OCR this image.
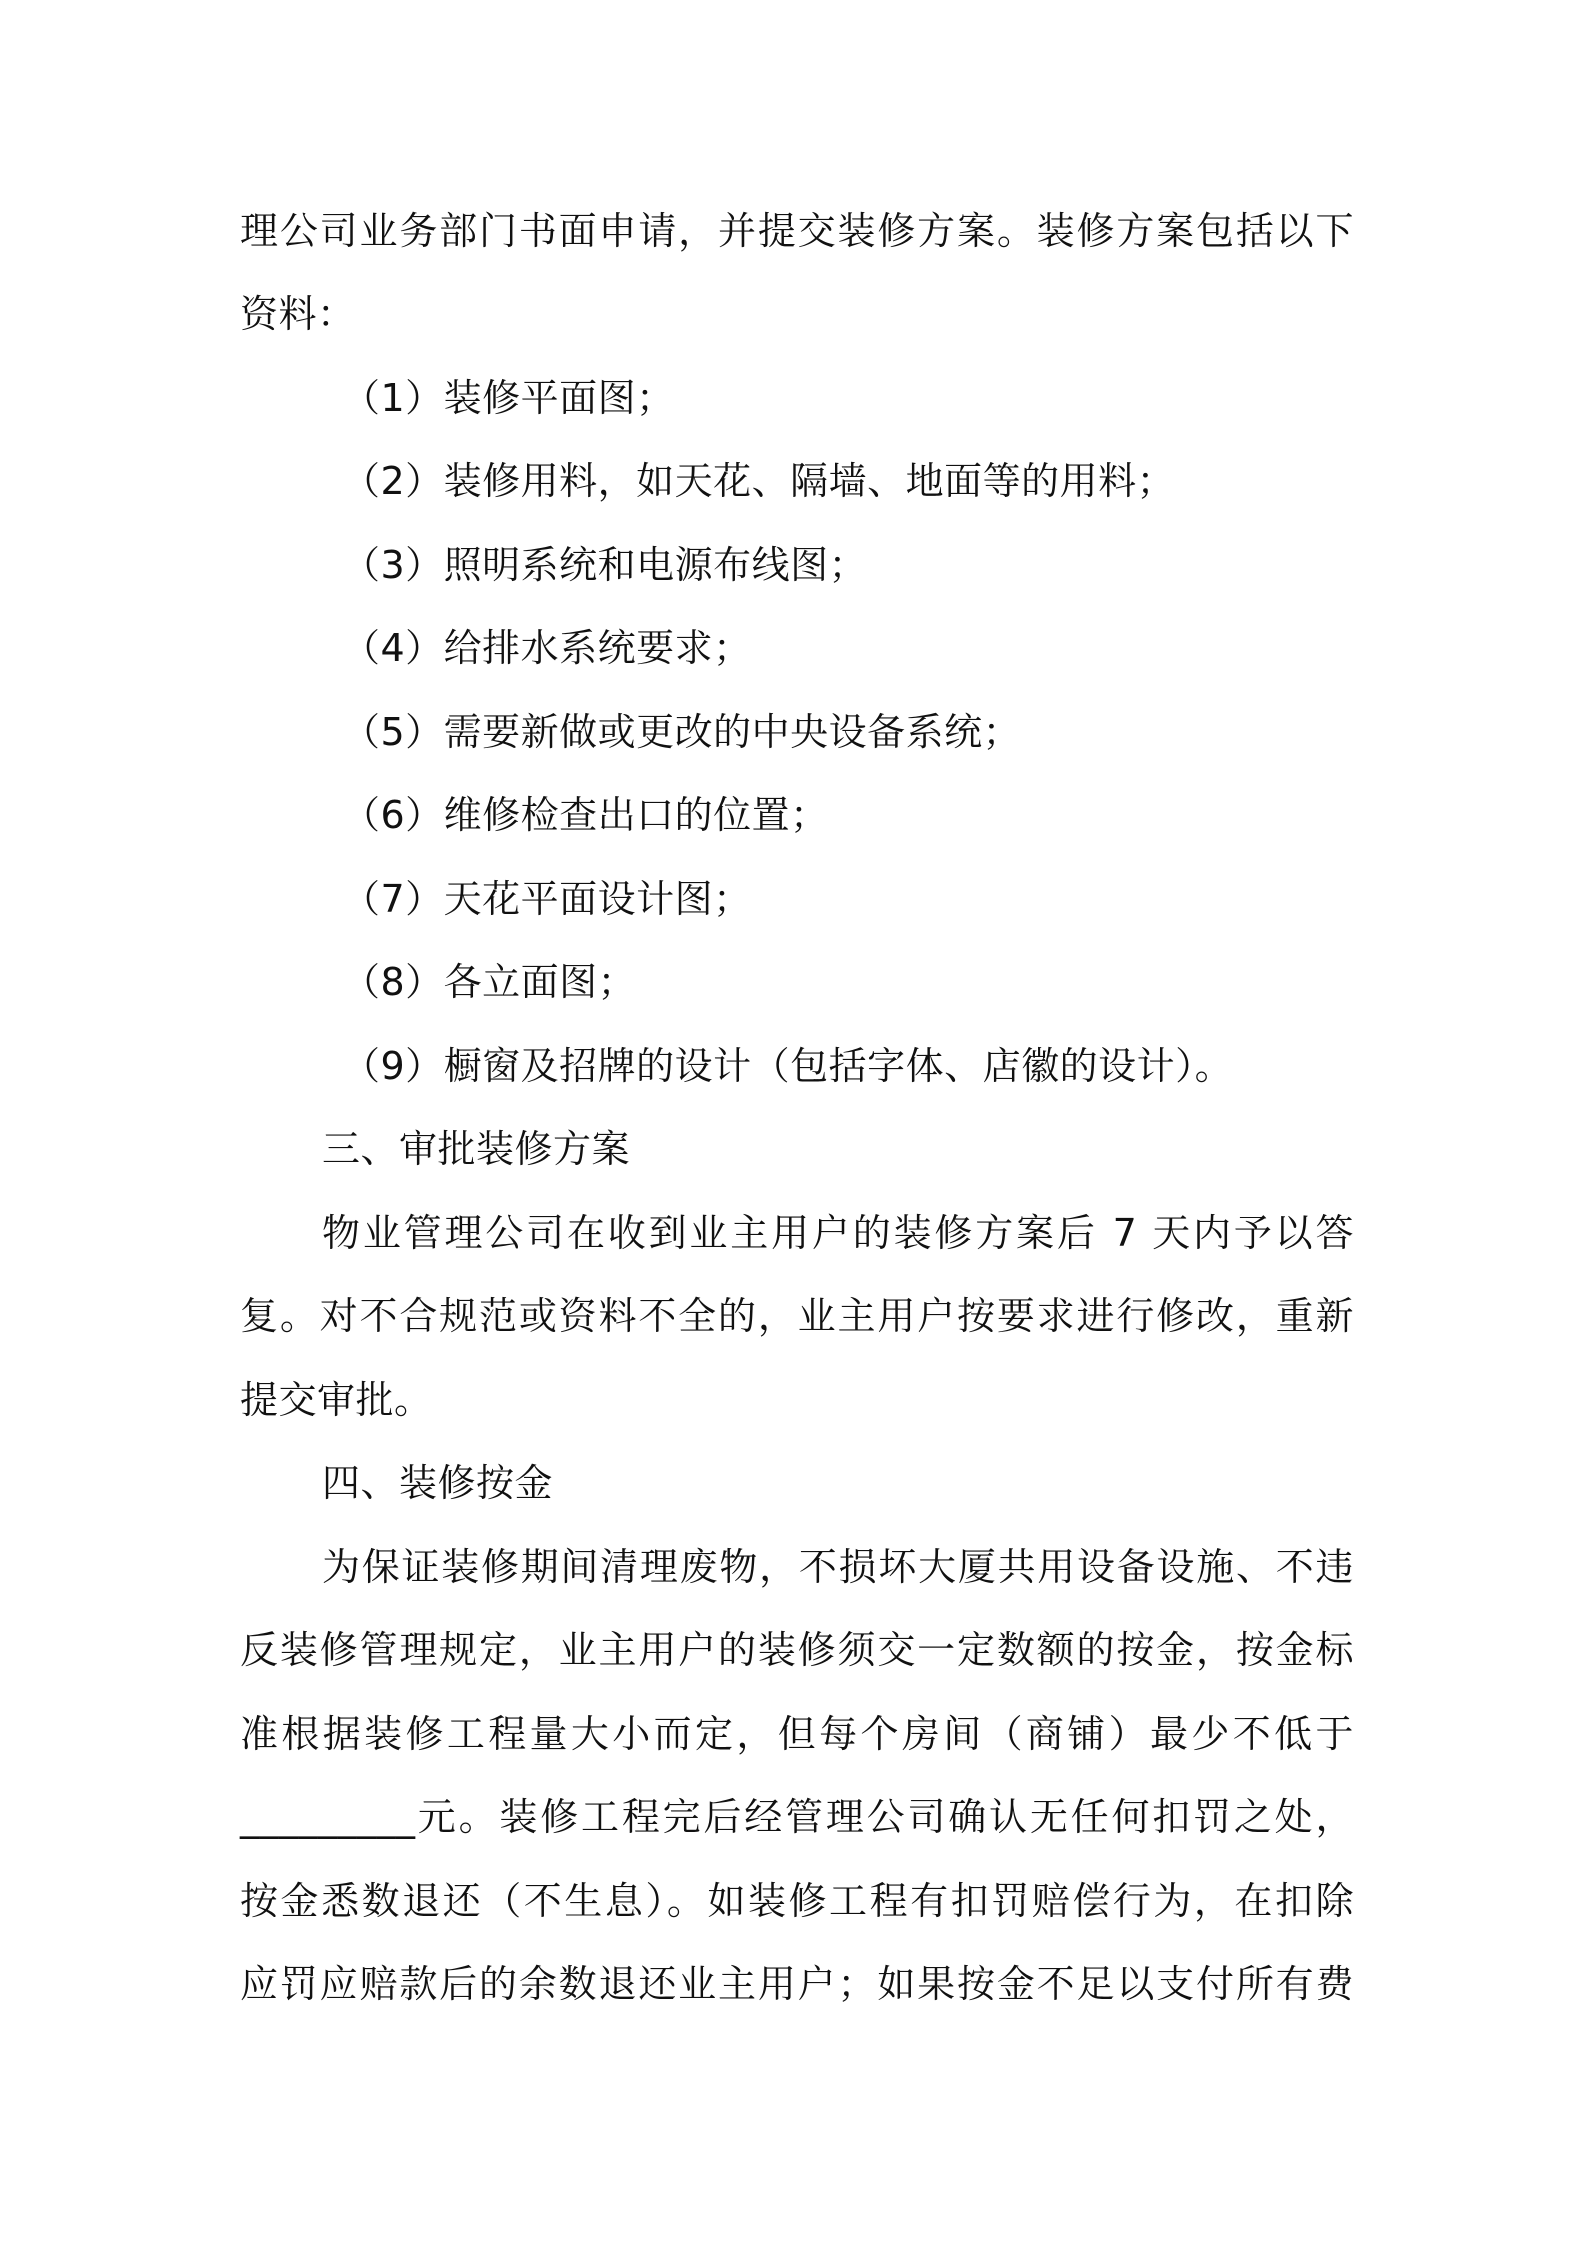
理公司业务部门书面申请，并提交装修方案。装修方案包括以下
资料：
（1）装修平面图；
（2）装修用料，如天花、隔墙、地面等的用料；
（3）照明系统和电源布线图；
（4）给排水系统要求；
（5）需要新做或更改的中央设备系统；
（6）维修检查出口的位置；
（7）天花平面设计图；
（8）各立面图；
（9）橱窗及招牌的设计（包括字体、店徽的设计）。
三、审批装修方案
物业管理公司在收到业主用户的装修方案后 7 天内予以答
复。对不合规范或资料不全的，业主用户按要求进行修改，重新
提交审批。
四、装修按金
为保证装修期间清理废物，不损坏大厦共用设备设施、不违
反装修管理规定，业主用户的装修须交一定数额的按金，按金标
准根据装修工程量大小而定，但每个房间（商铺）最少不低于
_________元。装修工程完后经管理公司确认无任何扣罚之处，
按金悉数退还（不生息）。如装修工程有扣罚赔偿行为，在扣除
应罚应赔款后的余数退还业主用户；如果按金不足以支付所有费
